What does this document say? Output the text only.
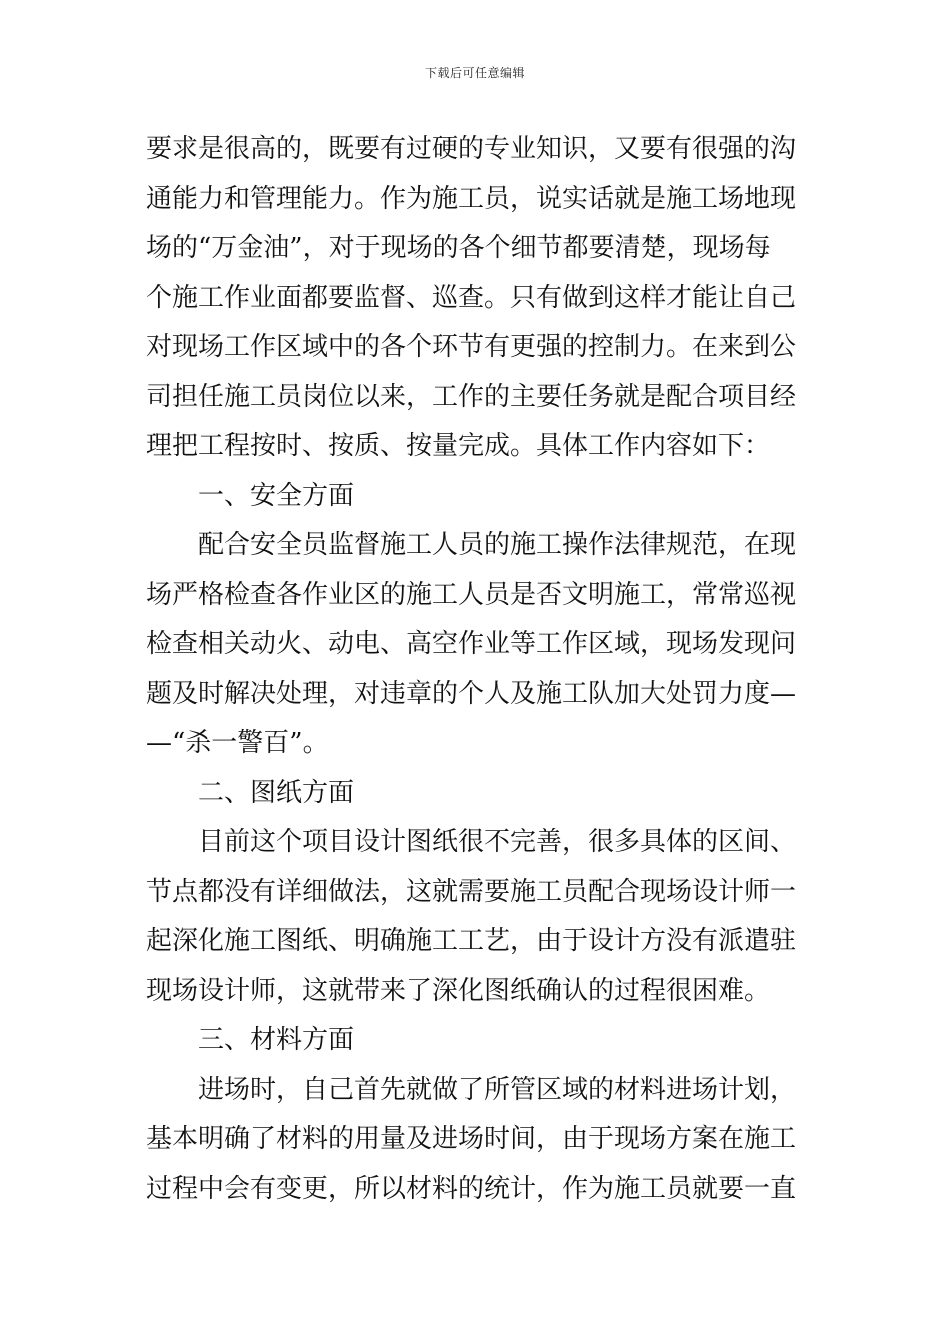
下载后可任意编辑
要求是很高的，既要有过硬的专业知识，又要有很强的沟
通能力和管理能力。作为施工员，说实话就是施工场地现
场的“万金油”，对于现场的各个细节都要清楚，现场每
个施工作业面都要监督、巡查。只有做到这样才能让自己
对现场工作区域中的各个环节有更强的控制力。在来到公
司担任施工员岗位以来，工作的主要任务就是配合项目经
理把工程按时、按质、按量完成。具体工作内容如下：
一、安全方面
配合安全员监督施工人员的施工操作法律规范，在现
场严格检查各作业区的施工人员是否文明施工，常常巡视
检查相关动火、动电、高空作业等工作区域，现场发现问
题及时解决处理，对违章的个人及施工队加大处罚力度—
—“杀一警百”。
二、图纸方面
目前这个项目设计图纸很不完善，很多具体的区间、
节点都没有详细做法，这就需要施工员配合现场设计师一
起深化施工图纸、明确施工工艺，由于设计方没有派遣驻
现场设计师，这就带来了深化图纸确认的过程很困难。
三、材料方面
进场时，自己首先就做了所管区域的材料进场计划，
基本明确了材料的用量及进场时间，由于现场方案在施工
过程中会有变更，所以材料的统计，作为施工员就要一直
